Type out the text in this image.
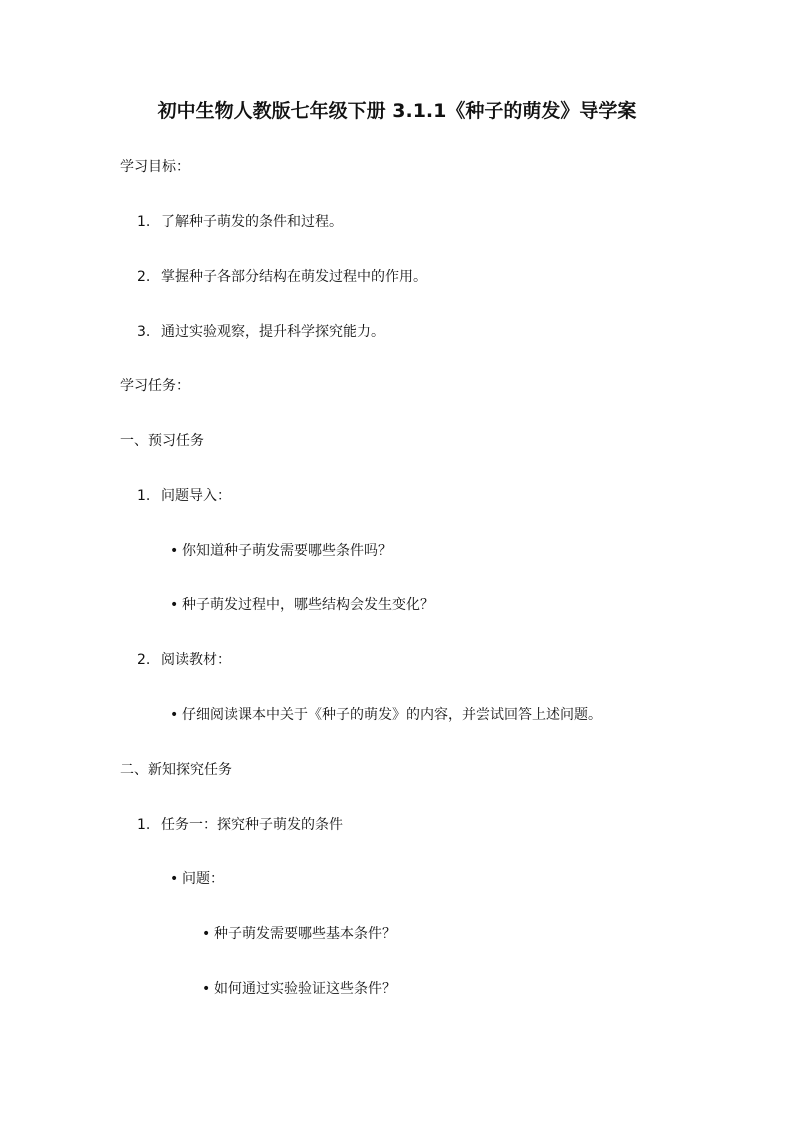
初中生物人教版七年级下册 3.1.1《种子的萌发》导学案
学习目标：
1. 了解种子萌发的条件和过程。
2. 掌握种子各部分结构在萌发过程中的作用。
3. 通过实验观察，提升科学探究能力。
学习任务：
一、预习任务
1. 问题导入：
• 你知道种子萌发需要哪些条件吗？
• 种子萌发过程中，哪些结构会发生变化？
2. 阅读教材：
• 仔细阅读课本中关于《种子的萌发》的内容，并尝试回答上述问题。
二、新知探究任务
1. 任务一：探究种子萌发的条件
• 问题：
• 种子萌发需要哪些基本条件？
• 如何通过实验验证这些条件？
